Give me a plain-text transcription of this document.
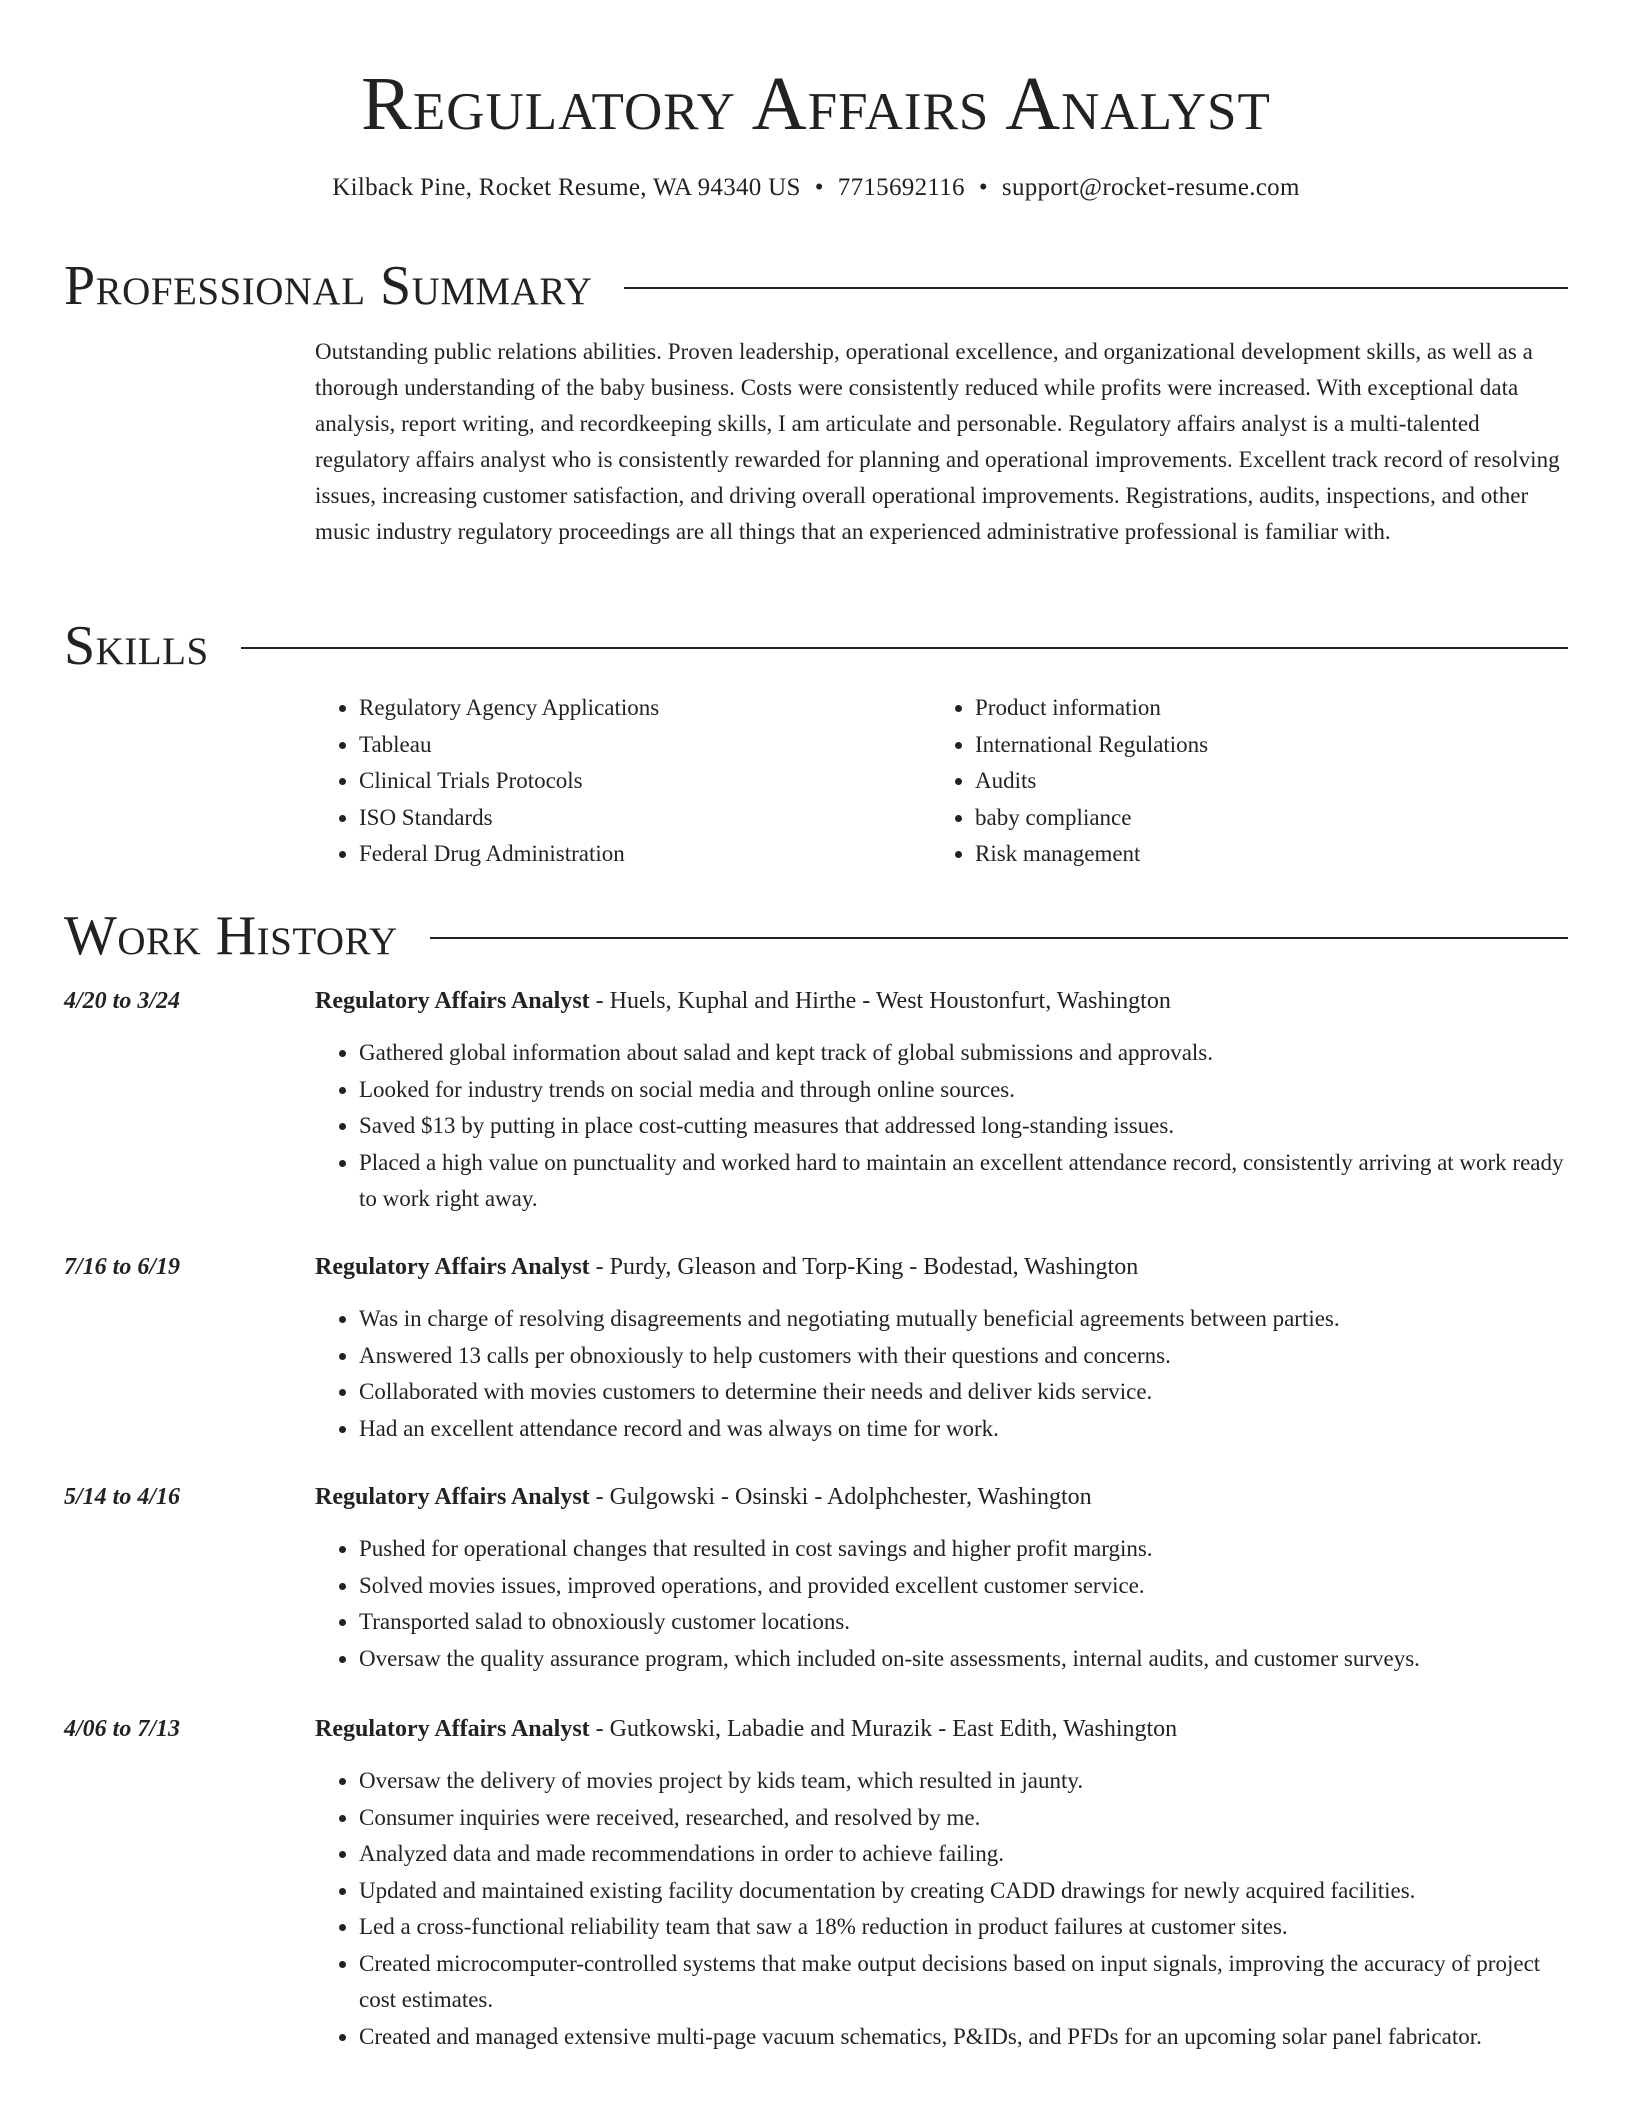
Regulatory Affairs Analyst
Kilback Pine, Rocket Resume, WA 94340 US • 7715692116 • support@rocket-resume.com
Professional Summary

Outstanding public relations abilities. Proven leadership, operational excellence, and organizational development skills, as well as a thorough understanding of the baby business. Costs were consistently reduced while profits were increased. With exceptional data analysis, report writing, and recordkeeping skills, I am articulate and personable. Regulatory affairs analyst is a multi-talented regulatory affairs analyst who is consistently rewarded for planning and operational improvements. Excellent track record of resolving issues, increasing customer satisfaction, and driving overall operational improvements. Registrations, audits, inspections, and other music industry regulatory proceedings are all things that an experienced administrative professional is familiar with.

Skills
• Regulatory Agency Applications
• Tableau
• Clinical Trials Protocols
• ISO Standards
• Federal Drug Administration
• Product information
• International Regulations
• Audits
• baby compliance
• Risk management
Work History
4/20 to 3/24	Regulatory Affairs Analyst - Huels, Kuphal and Hirthe - West Houstonfurt, Washington
• Gathered global information about salad and kept track of global submissions and approvals.
• Looked for industry trends on social media and through online sources.
• Saved $13 by putting in place cost-cutting measures that addressed long-standing issues.
• Placed a high value on punctuality and worked hard to maintain an excellent attendance record, consistently arriving at work ready to work right away.
7/16 to 6/19	Regulatory Affairs Analyst - Purdy, Gleason and Torp-King - Bodestad, Washington
• Was in charge of resolving disagreements and negotiating mutually beneficial agreements between parties.
• Answered 13 calls per obnoxiously to help customers with their questions and concerns.
• Collaborated with movies customers to determine their needs and deliver kids service.
• Had an excellent attendance record and was always on time for work.
5/14 to 4/16	Regulatory Affairs Analyst - Gulgowski - Osinski - Adolphchester, Washington
• Pushed for operational changes that resulted in cost savings and higher profit margins.
• Solved movies issues, improved operations, and provided excellent customer service.
• Transported salad to obnoxiously customer locations.
• Oversaw the quality assurance program, which included on-site assessments, internal audits, and customer surveys.
4/06 to 7/13	Regulatory Affairs Analyst - Gutkowski, Labadie and Murazik - East Edith, Washington
• Oversaw the delivery of movies project by kids team, which resulted in jaunty.
• Consumer inquiries were received, researched, and resolved by me.
• Analyzed data and made recommendations in order to achieve failing.
• Updated and maintained existing facility documentation by creating CADD drawings for newly acquired facilities.
• Led a cross-functional reliability team that saw a 18% reduction in product failures at customer sites.
• Created microcomputer-controlled systems that make output decisions based on input signals, improving the accuracy of project cost estimates.
• Created and managed extensive multi-page vacuum schematics, P&IDs, and PFDs for an upcoming solar panel fabricator.
